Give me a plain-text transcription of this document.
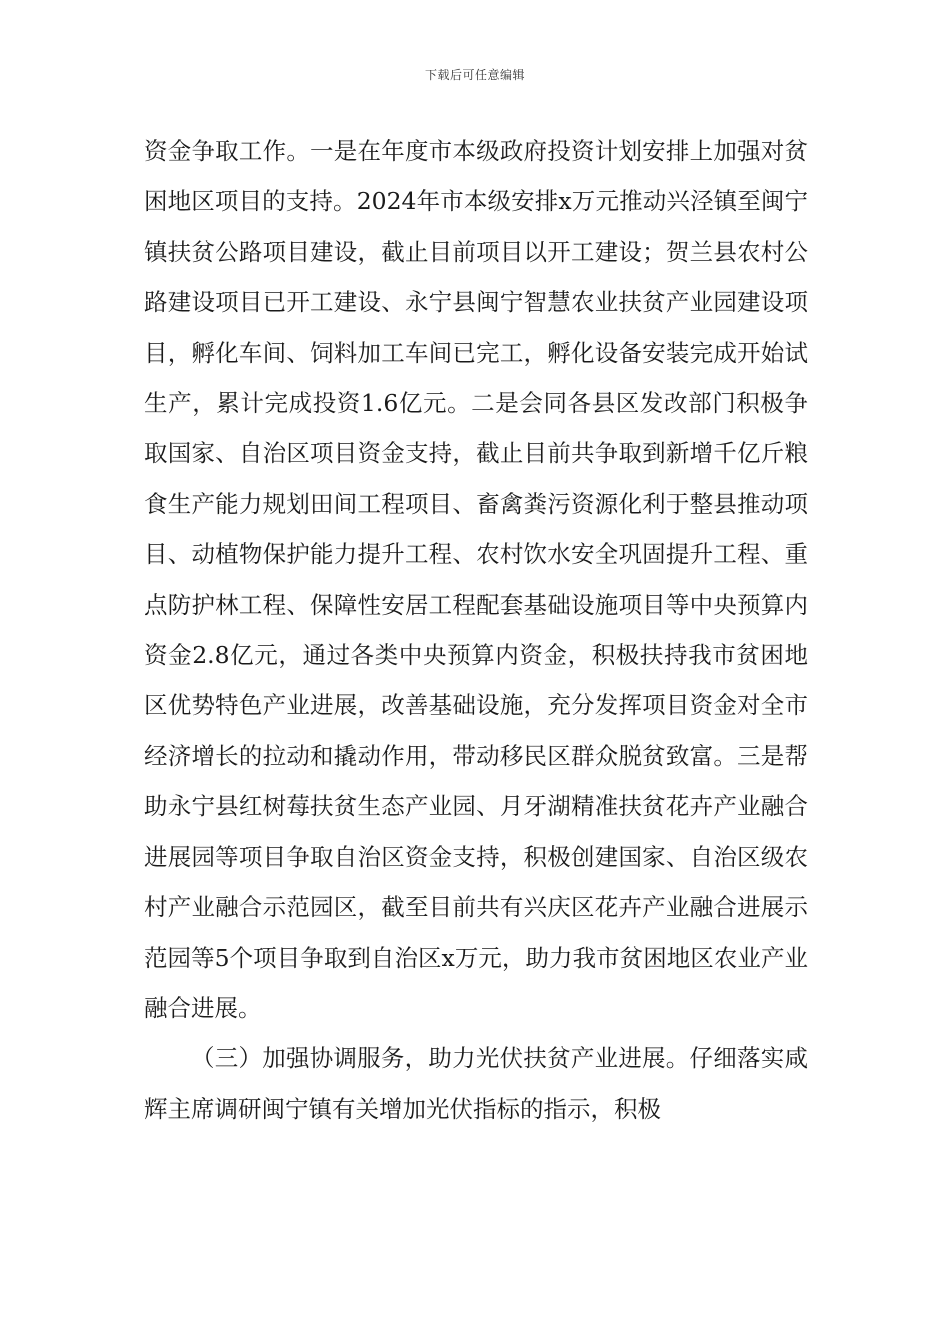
下载后可任意编辑

资金争取工作。一是在年度市本级政府投资计划安排上加强对贫困地区项目的支持。2024年市本级安排x万元推动兴泾镇至闽宁镇扶贫公路项目建设，截止目前项目以开工建设；贺兰县农村公路建设项目已开工建设、永宁县闽宁智慧农业扶贫产业园建设项目，孵化车间、饲料加工车间已完工，孵化设备安装完成开始试生产，累计完成投资1.6亿元。二是会同各县区发改部门积极争取国家、自治区项目资金支持，截止目前共争取到新增千亿斤粮食生产能力规划田间工程项目、畜禽粪污资源化利于整县推动项目、动植物保护能力提升工程、农村饮水安全巩固提升工程、重点防护林工程、保障性安居工程配套基础设施项目等中央预算内资金2.8亿元，通过各类中央预算内资金，积极扶持我市贫困地区优势特色产业进展，改善基础设施，充分发挥项目资金对全市经济增长的拉动和撬动作用，带动移民区群众脱贫致富。三是帮助永宁县红树莓扶贫生态产业园、月牙湖精准扶贫花卉产业融合进展园等项目争取自治区资金支持，积极创建国家、自治区级农村产业融合示范园区，截至目前共有兴庆区花卉产业融合进展示范园等5个项目争取到自治区x万元，助力我市贫困地区农业产业融合进展。

（三）加强协调服务，助力光伏扶贫产业进展。仔细落实咸辉主席调研闽宁镇有关增加光伏指标的指示，积极
